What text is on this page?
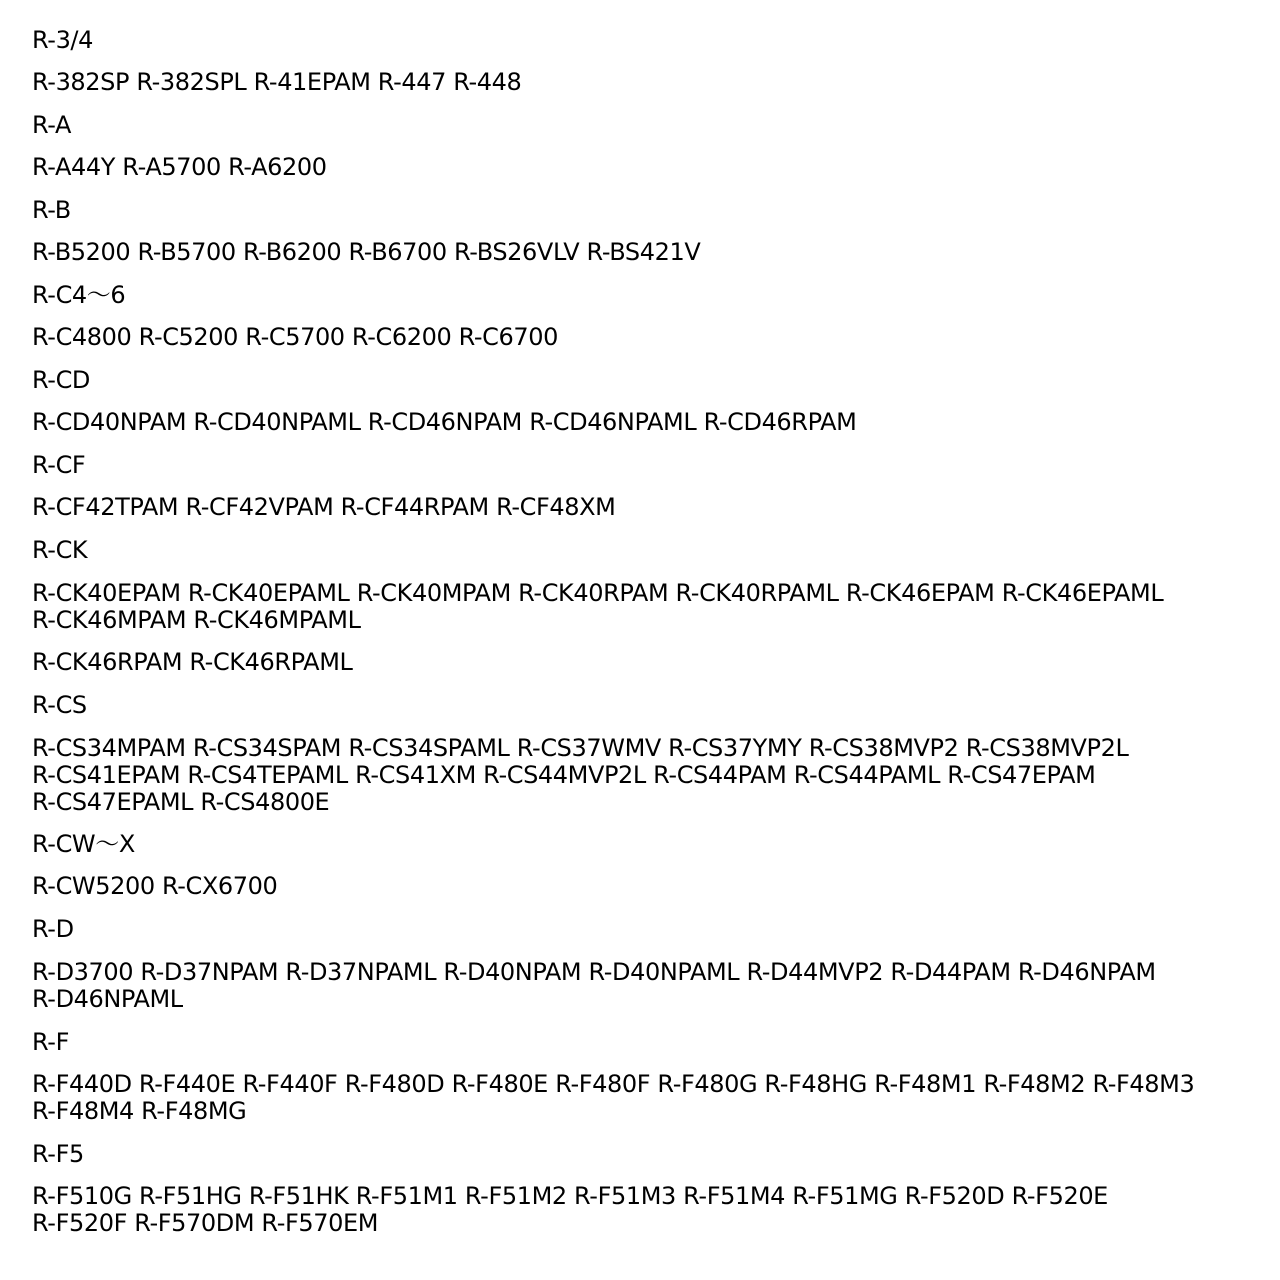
R-3/4
R-382SP R-382SPL R-41EPAM R-447 R-448
R-A
R-A44Y R-A5700 R-A6200
R-B
R-B5200 R-B5700 R-B6200 R-B6700 R-BS26VLV R-BS421V
R-C4〜6
R-C4800 R-C5200 R-C5700 R-C6200 R-C6700
R-CD
R-CD40NPAM R-CD40NPAML R-CD46NPAM R-CD46NPAML R-CD46RPAM
R-CF
R-CF42TPAM R-CF42VPAM R-CF44RPAM R-CF48XM
R-CK
R-CK40EPAM R-CK40EPAML R-CK40MPAM R-CK40RPAM R-CK40RPAML R-CK46EPAM R-CK46EPAML
R-CK46MPAM R-CK46MPAML
R-CK46RPAM R-CK46RPAML
R-CS
R-CS34MPAM R-CS34SPAM R-CS34SPAML R-CS37WMV R-CS37YMY R-CS38MVP2 R-CS38MVP2L
R-CS41EPAM R-CS4TEPAML R-CS41XM R-CS44MVP2L R-CS44PAM R-CS44PAML R-CS47EPAM
R-CS47EPAML R-CS4800E
R-CW〜X
R-CW5200 R-CX6700
R-D
R-D3700 R-D37NPAM R-D37NPAML R-D40NPAM R-D40NPAML R-D44MVP2 R-D44PAM R-D46NPAM
R-D46NPAML
R-F
R-F440D R-F440E R-F440F R-F480D R-F480E R-F480F R-F480G R-F48HG R-F48M1 R-F48M2 R-F48M3
R-F48M4 R-F48MG
R-F5
R-F510G R-F51HG R-F51HK R-F51M1 R-F51M2 R-F51M3 R-F51M4 R-F51MG R-F520D R-F520E
R-F520F R-F570DM R-F570EM
